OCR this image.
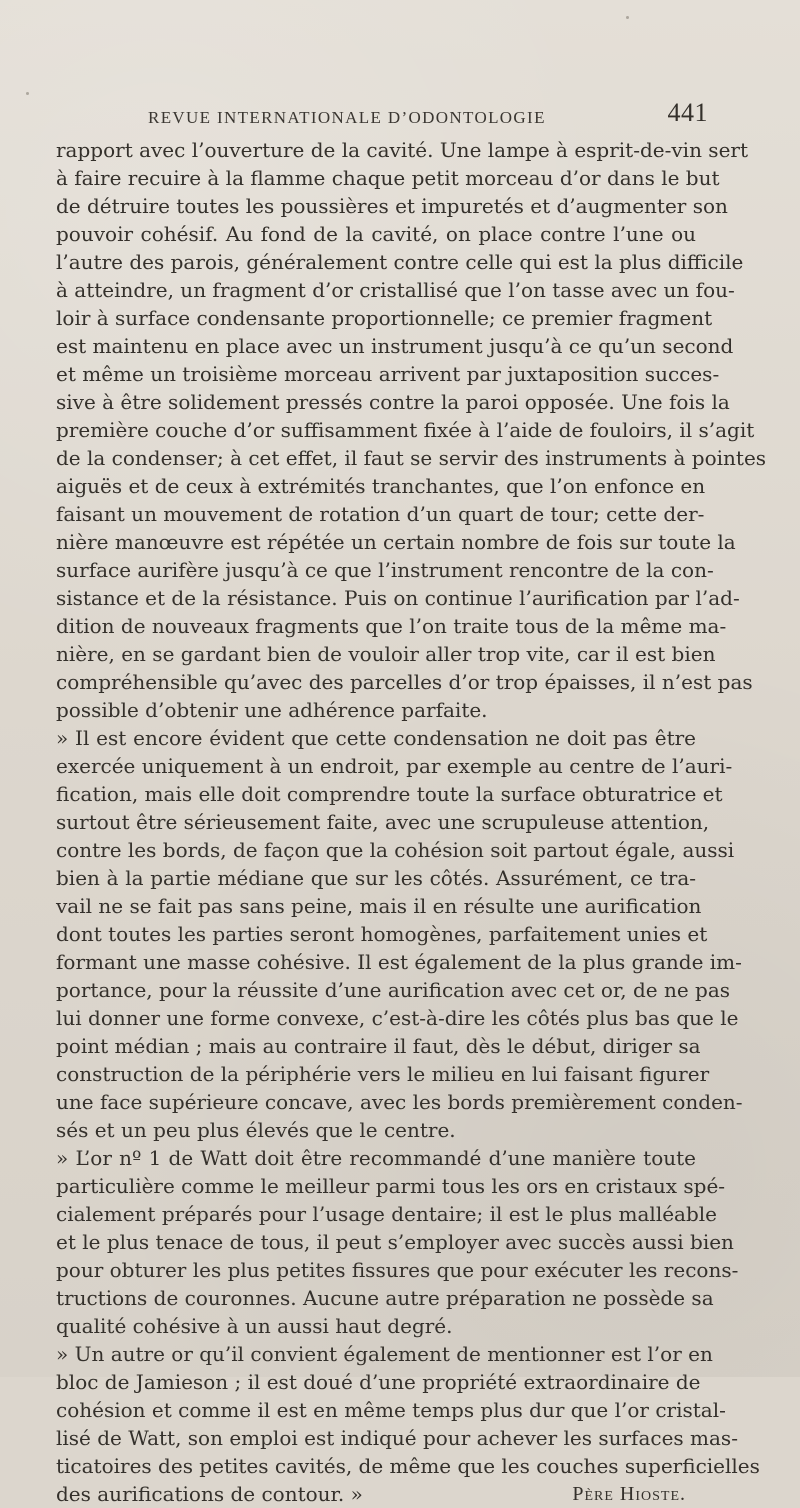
REVUE INTERNATIONALE D’ODONTOLOGIE	441
rapport avec l’ouverture de la cavité. Une lampe à esprit-de-vin sert
à faire recuire à la flamme chaque petit morceau d’or dans le but
de détruire toutes les poussières et impuretés et d’augmenter son
pouvoir cohésif. Au fond de la cavité, on place contre l’une ou
l’autre des parois, généralement contre celle qui est la plus difficile
à atteindre, un fragment d’or cristallisé que l’on tasse avec un fou-
loir à surface condensante proportionnelle; ce premier fragment
est maintenu en place avec un instrument jusqu’à ce qu’un second
et même un troisième morceau arrivent par juxtaposition succes-
sive à être solidement pressés contre la paroi opposée. Une fois la
première couche d’or suffisamment fixée à l’aide de fouloirs, il s’agit
de la condenser; à cet effet, il faut se servir des instruments à pointes
aiguës et de ceux à extrémités tranchantes, que l’on enfonce en
faisant un mouvement de rotation d’un quart de tour; cette der-
nière manœuvre est répétée un certain nombre de fois sur toute la
surface aurifère jusqu’à ce que l’instrument rencontre de la con-
sistance et de la résistance. Puis on continue l’aurification par l’ad-
dition de nouveaux fragments que l’on traite tous de la même ma-
nière, en se gardant bien de vouloir aller trop vite, car il est bien
compréhensible qu’avec des parcelles d’or trop épaisses, il n’est pas
possible d’obtenir une adhérence parfaite.
» Il est encore évident que cette condensation ne doit pas être
exercée uniquement à un endroit, par exemple au centre de l’auri-
fication, mais elle doit comprendre toute la surface obturatrice et
surtout être sérieusement faite, avec une scrupuleuse attention,
contre les bords, de façon que la cohésion soit partout égale, aussi
bien à la partie médiane que sur les côtés. Assurément, ce tra-
vail ne se fait pas sans peine, mais il en résulte une aurification
dont toutes les parties seront homogènes, parfaitement unies et
formant une masse cohésive. Il est également de la plus grande im-
portance, pour la réussite d’une aurification avec cet or, de ne pas
lui donner une forme convexe, c’est-à-dire les côtés plus bas que le
point médian ; mais au contraire il faut, dès le début, diriger sa
construction de la périphérie vers le milieu en lui faisant figurer
une face supérieure concave, avec les bords premièrement conden-
sés et un peu plus élevés que le centre.
» L’or nº 1 de Watt doit être recommandé d’une manière toute
particulière comme le meilleur parmi tous les ors en cristaux spé-
cialement préparés pour l’usage dentaire; il est le plus malléable
et le plus tenace de tous, il peut s’employer avec succès aussi bien
pour obturer les plus petites fissures que pour exécuter les recons-
tructions de couronnes. Aucune autre préparation ne possède sa
qualité cohésive à un aussi haut degré.
» Un autre or qu’il convient également de mentionner est l’or en
bloc de Jamieson ; il est doué d’une propriété extraordinaire de
cohésion et comme il est en même temps plus dur que l’or cristal-
lisé de Watt, son emploi est indiqué pour achever les surfaces mas-
ticatoires des petites cavités, de même que les couches superficielles
des aurifications de contour. »	Père Hioste.
